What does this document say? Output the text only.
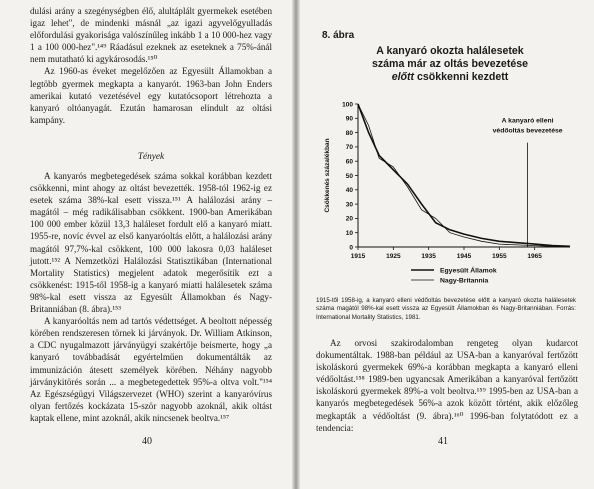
dulási arány a szegénységben élő, alultáplált gyermekek esetében igaz lehet", de mindenki másnál „az igazi agyvelőgyulladás előfordulási gyakorisága valószínűleg inkább 1 a 10 000-hez vagy 1 a 100 000-hez".¹⁴⁹ Ráadásul ezeknek az eseteknek a 75%-ánál nem mutatható ki agykárosodás.¹⁵⁰

Az 1960-as éveket megelőzően az Egyesült Államokban a legtöbb gyermek megkapta a kanyarót. 1963-ban John Enders amerikai kutató vezetésével egy kutatócsoport létrehozta a kanyaró oltóanyagát. Ezután hamarosan elindult az oltási kampány.

Tények

A kanyarós megbetegedések száma sokkal korábban kezdett csökkenni, mint ahogy az oltást bevezették. 1958-tól 1962-ig ez esetek száma 38%-kal esett vissza.¹⁵¹ A halálozási arány – magától – még radikálisabban csökkent. 1900-ban Amerikában 100 000 ember közül 13,3 haláleset fordult elő a kanyaró miatt. 1955-re, novíc évvel az első kanyaróoltás előtt, a halálozási arány magától 97,7%-kal csökkent, 100 000 lakosra 0,03 haláleset jutott.¹⁵² A Nemzetközi Halálozási Statisztikában (International Mortality Statistics) megjelent adatok megerősítik ezt a csökkenést: 1915-től 1958-ig a kanyaró miatti halálesetek száma 98%-kal esett vissza az Egyesült Államokban és Nagy-Britanniában (8. ábra).¹⁵³

A kanyaróoltás nem ad tartós védettséget. A beoltott népesség körében rendszeresen törnek ki járványok. Dr. William Atkinson, a CDC nyugalmazott járványügyi szakértője beismerte, hogy „a kanyaró továbbadását egyértelműen dokumentálták az immunizáción átesett személyek körében. Néhány nagyobb járványkitörés során ... a megbetegedettek 95%-a oltva volt."¹⁵⁴ Az Egészségügyi Világszervezet (WHO) szerint a kanyaróvírus olyan fertőzés kockázata 15-ször nagyobb azoknál, akik oltást kaptak ellene, mint azoknál, akik nincsenek beoltva.¹⁵⁷

40
8. ábra
A kanyaró okozta halálesetek
száma már az oltás bevezetése
előtt csökkenni kezdett
0
10
20
30
40
50
60
70
80
90
100
1915	1925	1935	1945	1955	1965
Csökkenés százalékban
A kanyaró elleni
védőoltás bevezetése
Egyesült Államok
Nagy-Britannia
1915-től 1958-ig, a kanyaró elleni védőoltás bevezetése előtt a kanyaró okozta halálesetek száma magától 98%-kal esett vissza az Egyesült Államokban és Nagy-Britanniában. Forrás: International Mortality Statistics, 1981.

Az orvosi szakirodalomban rengeteg olyan kudarcot dokumentáltak. 1988-ban például az USA-ban a kanyaróval fertőzött iskoláskorú gyermekek 69%-a korábban megkapta a kanyaró elleni védőoltást.¹⁵⁸ 1989-ben ugyancsak Amerikában a kanyaróval fertőzött iskoláskorú gyermekek 89%-a volt beoltva.¹⁵⁹ 1995-ben az USA-ban a kanyarós megbetegedések 56%-a azok között történt, akik előzőleg megkapták a védőoltást (9. ábra).¹⁶⁰ 1996-ban folytatódott ez a tendencia:

41
